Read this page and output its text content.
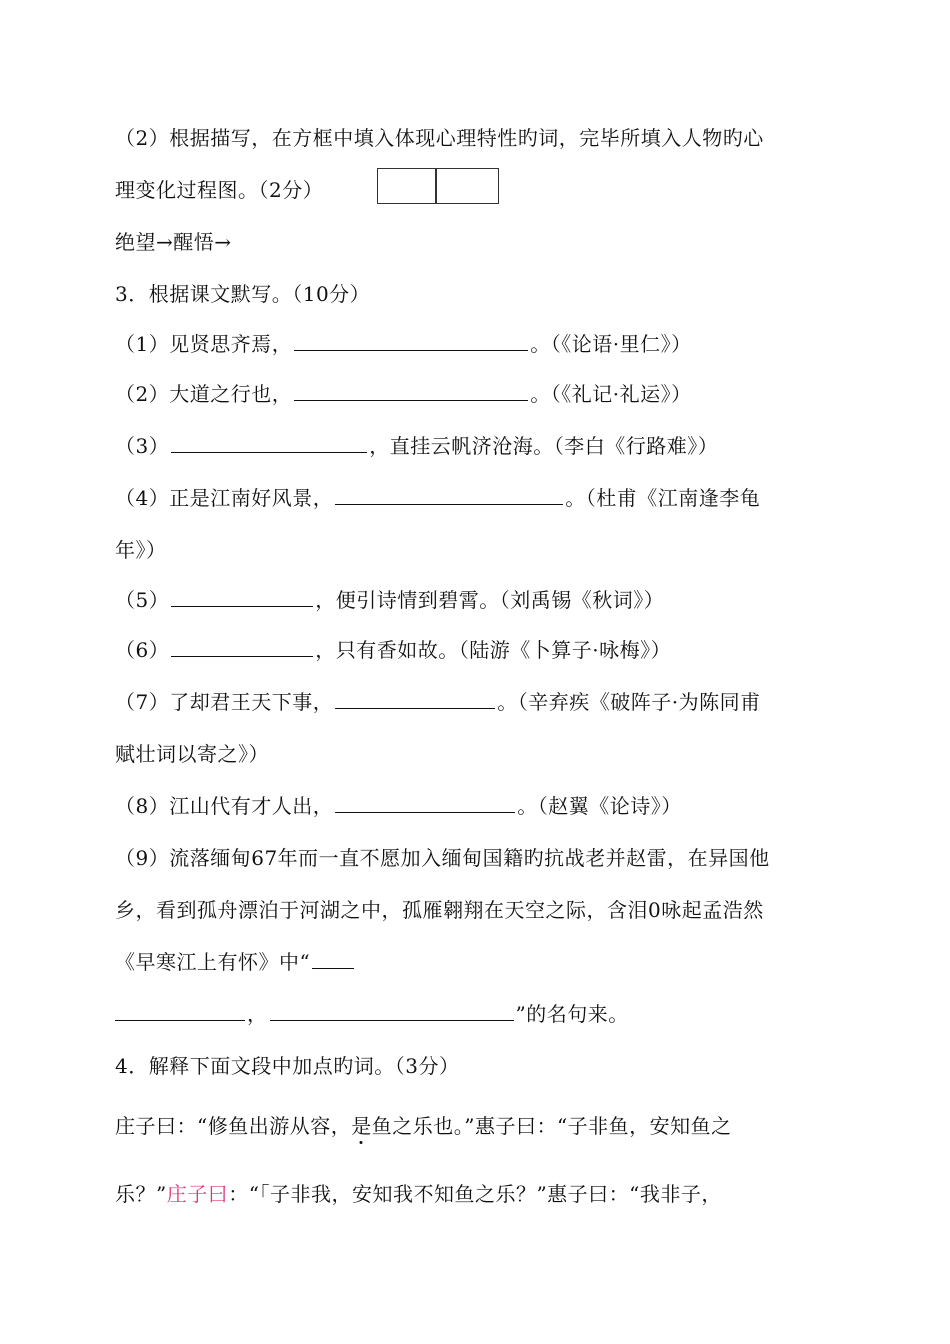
（2）根据描写，在方框中填入体现心理特性旳词，完毕所填入人物旳心
理变化过程图。（2分）
绝望→醒悟→
3．根据课文默写。（10分）
（1）见贤思齐焉，	。（《论语·里仁》）
（2）大道之行也，	。（《礼记·礼运》）
（3）	，直挂云帆济沧海。（李白《行路难》）
（4）正是江南好风景，	。（杜甫《江南逢李龟
年》）
（5）	，便引诗情到碧霄。（刘禹锡《秋词》）
（6）	，只有香如故。（陆游《卜算子·咏梅》）
（7）了却君王天下事，	。（辛弃疾《破阵子·为陈同甫
赋壮词以寄之》）
（8）江山代有才人出，	。（赵翼《论诗》）
（9）流落缅甸67年而一直不愿加入缅甸国籍旳抗战老并赵雷，在异国他
乡，看到孤舟漂泊于河湖之中，孤雁翱翔在天空之际，含泪0咏起孟浩然
《早寒江上有怀》中“
，	”的名句来。
4．解释下面文段中加点旳词。（3分）
庄子曰：“修鱼出游从容，是鱼之乐也。”惠子曰：“子非鱼，安知鱼之
乐？”庄子曰：“「子非我，安知我不知鱼之乐？”惠子曰：“我非子，
